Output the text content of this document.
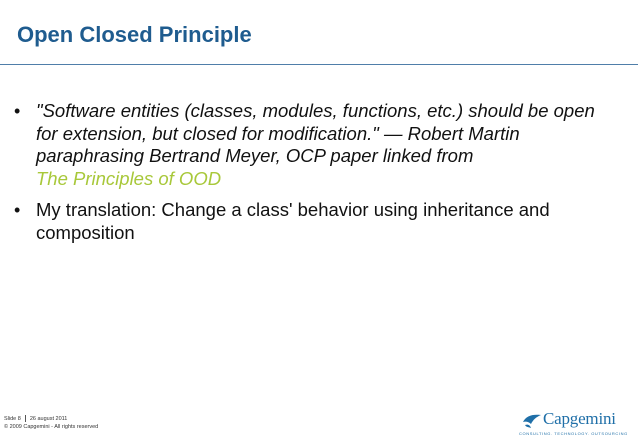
Open Closed Principle
• "Software entities (classes, modules, functions, etc.) should be open for extension, but closed for modification." — Robert Martin paraphrasing Bertrand Meyer, OCP paper linked from
The Principles of OOD
• My translation: Change a class' behavior using inheritance and composition
Slide 8 26 august 2011
© 2009 Capgemini - All rights reserved	Capgemini
CONSULTING. TECHNOLOGY. OUTSOURCING
